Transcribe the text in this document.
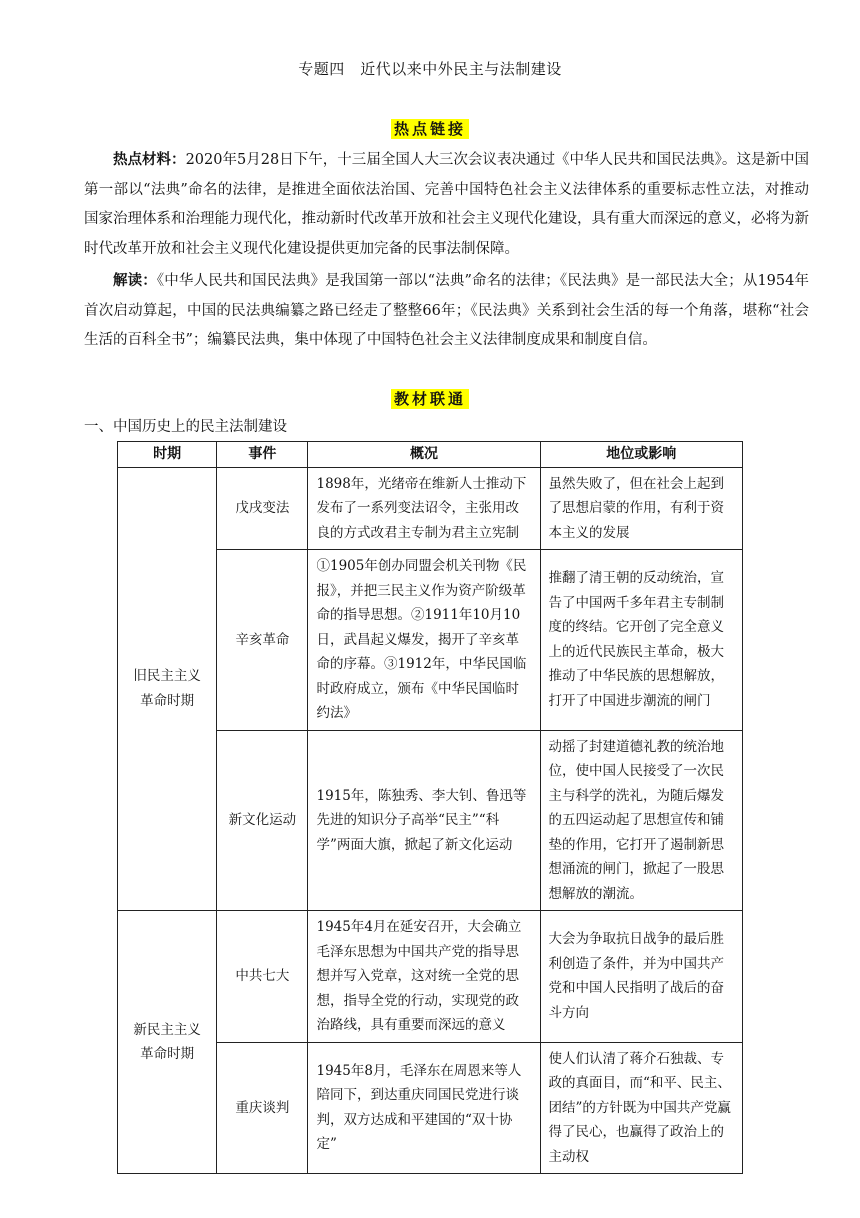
专题四　近代以来中外民主与法制建设
热点链接
热点材料：2020年5月28日下午，十三届全国人大三次会议表决通过《中华人民共和国民法典》。这是新中国第一部以“法典”命名的法律，是推进全面依法治国、完善中国特色社会主义法律体系的重要标志性立法，对推动国家治理体系和治理能力现代化，推动新时代改革开放和社会主义现代化建设，具有重大而深远的意义，必将为新时代改革开放和社会主义现代化建设提供更加完备的民事法制保障。
解读：《中华人民共和国民法典》是我国第一部以“法典”命名的法律；《民法典》是一部民法大全；从1954年首次启动算起，中国的民法典编纂之路已经走了整整66年；《民法典》关系到社会生活的每一个角落，堪称“社会生活的百科全书”；编纂民法典，集中体现了中国特色社会主义法律制度成果和制度自信。
教材联通
一、中国历史上的民主法制建设
时期	事件	概况	地位或影响
旧民主主义革命时期	戊戌变法	1898年，光绪帝在维新人士推动下发布了一系列变法诏令，主张用改良的方式改君主专制为君主立宪制	虽然失败了，但在社会上起到了思想启蒙的作用，有利于资本主义的发展
	辛亥革命	①1905年创办同盟会机关刊物《民报》，并把三民主义作为资产阶级革命的指导思想。②1911年10月10日，武昌起义爆发，揭开了辛亥革命的序幕。③1912年，中华民国临时政府成立，颁布《中华民国临时约法》	推翻了清王朝的反动统治，宣告了中国两千多年君主专制制度的终结。它开创了完全意义上的近代民族民主革命，极大推动了中华民族的思想解放，打开了中国进步潮流的闸门
	新文化运动	1915年，陈独秀、李大钊、鲁迅等先进的知识分子高举“民主”“科学”两面大旗，掀起了新文化运动	动摇了封建道德礼教的统治地位，使中国人民接受了一次民主与科学的洗礼，为随后爆发的五四运动起了思想宣传和铺垫的作用，它打开了遏制新思想涌流的闸门，掀起了一股思想解放的潮流。
新民主主义革命时期	中共七大	1945年4月在延安召开，大会确立毛泽东思想为中国共产党的指导思想并写入党章，这对统一全党的思想，指导全党的行动，实现党的政治路线，具有重要而深远的意义	大会为争取抗日战争的最后胜利创造了条件，并为中国共产党和中国人民指明了战后的奋斗方向
	重庆谈判	1945年8月，毛泽东在周恩来等人陪同下，到达重庆同国民党进行谈判，双方达成和平建国的“双十协定”	使人们认清了蒋介石独裁、专政的真面目，而“和平、民主、团结”的方针既为中国共产党赢得了民心，也赢得了政治上的主动权
